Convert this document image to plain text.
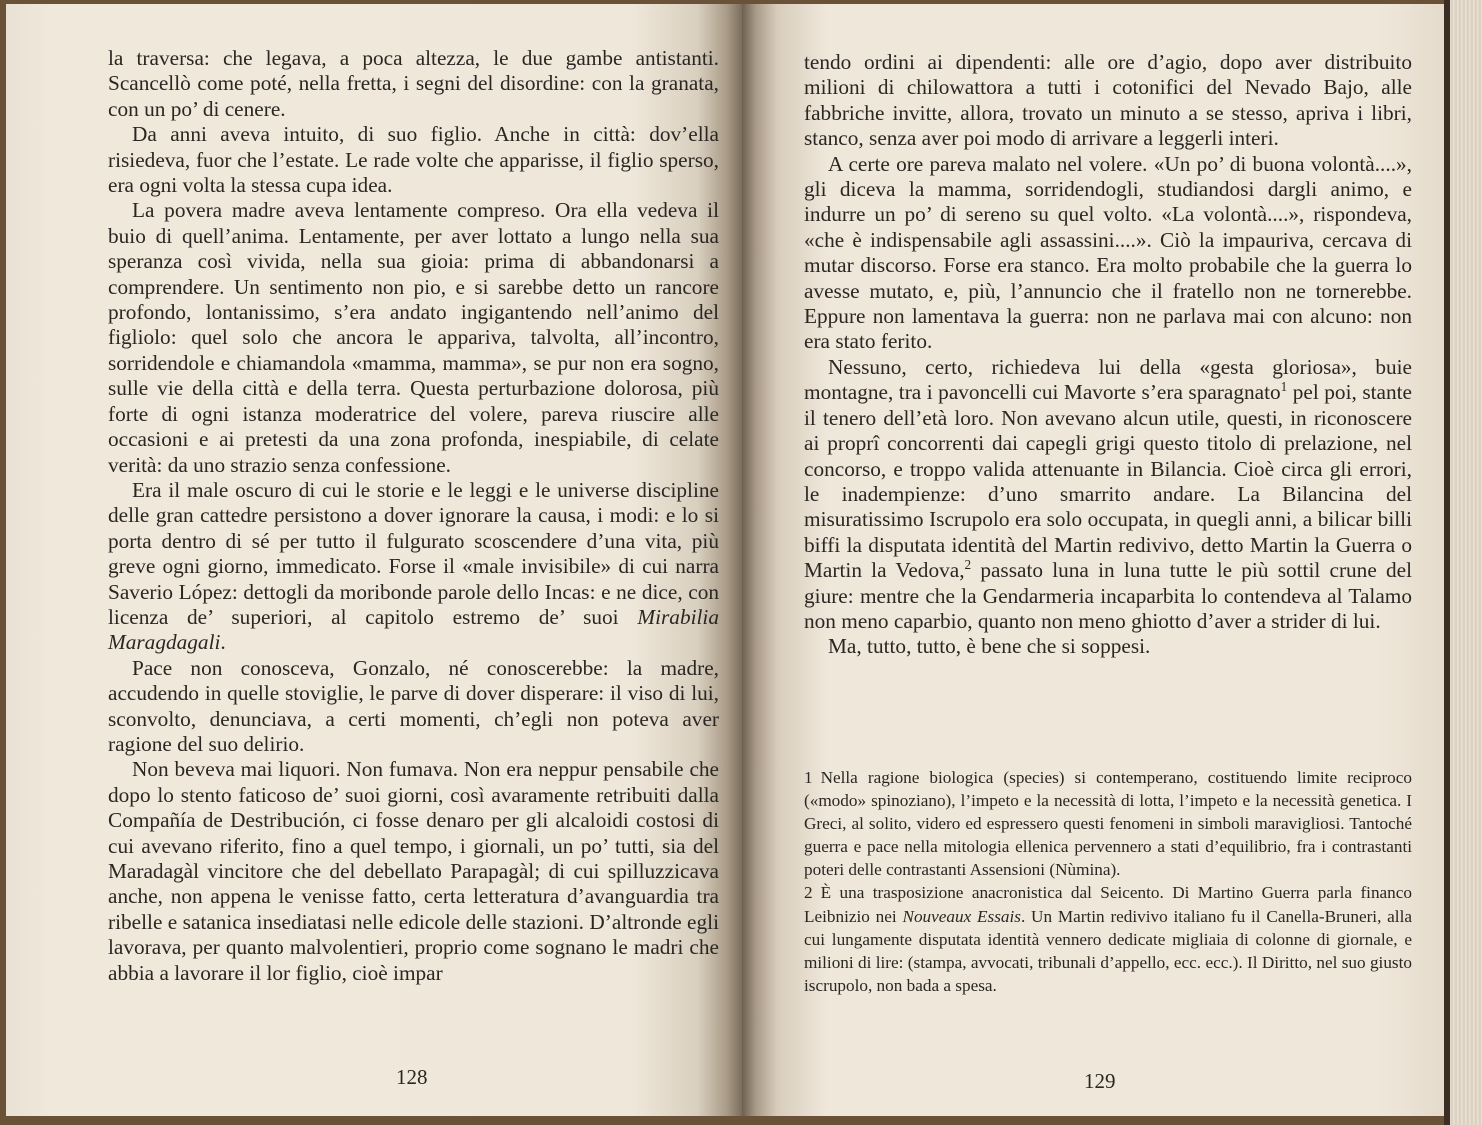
la traversa: che legava, a poca altezza, le due gambe antistanti. Scancellò come poté, nella fretta, i segni del disordine: con la granata, con un po’ di cenere.

Da anni aveva intuito, di suo figlio. Anche in città: dov’ella risiedeva, fuor che l’estate. Le rade volte che apparisse, il figlio sperso, era ogni volta la stessa cupa idea.

La povera madre aveva lentamente compreso. Ora ella vedeva il buio di quell’anima. Lentamente, per aver lottato a lungo nella sua speranza così vivida, nella sua gioia: prima di abbandonarsi a comprendere. Un sentimento non pio, e si sarebbe detto un rancore profondo, lontanissimo, s’era andato ingigantendo nell’animo del figliolo: quel solo che ancora le appariva, talvolta, all’incontro, sorridendole e chiamandola «mamma, mamma», se pur non era sogno, sulle vie della città e della terra. Questa perturbazione dolorosa, più forte di ogni istanza moderatrice del volere, pareva riuscire alle occasioni e ai pretesti da una zona profonda, inespiabile, di celate verità: da uno strazio senza confessione.

Era il male oscuro di cui le storie e le leggi e le universe discipline delle gran cattedre persistono a dover ignorare la causa, i modi: e lo si porta dentro di sé per tutto il fulgurato scoscendere d’una vita, più greve ogni giorno, immedicato. Forse il «male invisibile» di cui narra Saverio López: dettogli da moribonde parole dello Incas: e ne dice, con licenza de’ superiori, al capitolo estremo de’ suoi Mirabilia Maragdagali.

Pace non conosceva, Gonzalo, né conoscerebbe: la madre, accudendo in quelle stoviglie, le parve di dover disperare: il viso di lui, sconvolto, denunciava, a certi momenti, ch’egli non poteva aver ragione del suo delirio.

Non beveva mai liquori. Non fumava. Non era neppur pensabile che dopo lo stento faticoso de’ suoi giorni, così avaramente retribuiti dalla Compañía de Destribución, ci fosse denaro per gli alcaloidi costosi di cui avevano riferito, fino a quel tempo, i giornali, un po’ tutti, sia del Maradagàl vincitore che del debellato Parapagàl; di cui spilluzzicava anche, non appena le venisse fatto, certa letteratura d’avanguardia tra ribelle e satanica insediatasi nelle edicole delle stazioni. D’altronde egli lavorava, per quanto malvolentieri, proprio come sognano le madri che abbia a lavorare il lor figlio, cioè impar

128

tendo ordini ai dipendenti: alle ore d’agio, dopo aver distribuito milioni di chilowattora a tutti i cotonifici del Nevado Bajo, alle fabbriche invitte, allora, trovato un minuto a se stesso, apriva i libri, stanco, senza aver poi modo di arrivare a leggerli interi.

A certe ore pareva malato nel volere. «Un po’ di buona volontà....», gli diceva la mamma, sorridendogli, studiandosi dargli animo, e indurre un po’ di sereno su quel volto. «La volontà....», rispondeva, «che è indispensabile agli assassini....». Ciò la impauriva, cercava di mutar discorso. Forse era stanco. Era molto probabile che la guerra lo avesse mutato, e, più, l’annuncio che il fratello non ne tornerebbe. Eppure non lamentava la guerra: non ne parlava mai con alcuno: non era stato ferito.

Nessuno, certo, richiedeva lui della «gesta gloriosa», buie montagne, tra i pavoncelli cui Mavorte s’era sparagnato$^1$ pel poi, stante il tenero dell’età loro. Non avevano alcun utile, questi, in riconoscere ai proprî concorrenti dai capegli grigi questo titolo di prelazione, nel concorso, e troppo valida attenuante in Bilancia. Cioè circa gli errori, le inadempienze: d’uno smarrito andare. La Bilancina del misuratissimo Iscrupolo era solo occupata, in quegli anni, a bilicar billi biffi la disputata identità del Martin redivivo, detto Martin la Guerra o Martin la Vedova,$^2$ passato luna in luna tutte le più sottil crune del giure: mentre che la Gendarmeria incaparbita lo contendeva al Talamo non meno caparbio, quanto non meno ghiotto d’aver a strider di lui.

Ma, tutto, tutto, è bene che si soppesi.

1 Nella ragione biologica (species) si contemperano, costituendo limite reciproco («modo» spinoziano), l’impeto e la necessità di lotta, l’impeto e la necessità genetica. I Greci, al solito, videro ed espressero questi fenomeni in simboli maravigliosi. Tantoché guerra e pace nella mitologia ellenica pervennero a stati d’equilibrio, fra i contrastanti poteri delle contrastanti Assensioni (Nùmina).

2 È una trasposizione anacronistica dal Seicento. Di Martino Guerra parla financo Leibnizio nei Nouveaux Essais. Un Martin redivivo italiano fu il Canella-Bruneri, alla cui lungamente disputata identità vennero dedicate migliaia di colonne di giornale, e milioni di lire: (stampa, avvocati, tribunali d’appello, ecc. ecc.). Il Diritto, nel suo giusto iscrupolo, non bada a spesa.

129
